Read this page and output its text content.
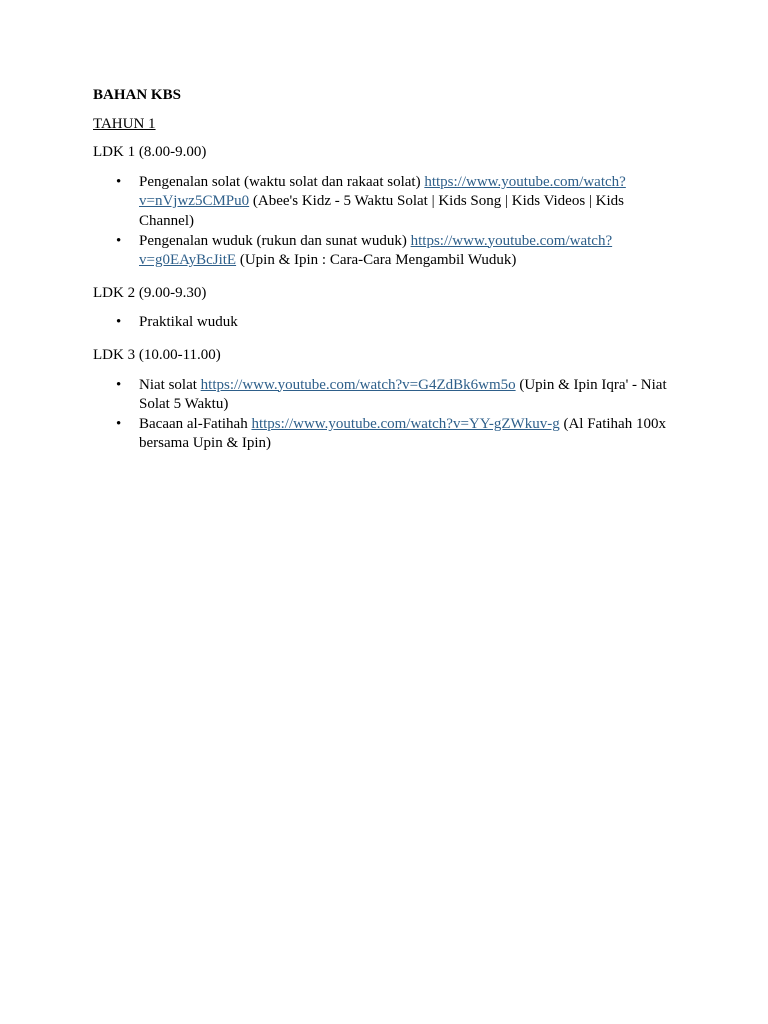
BAHAN KBS
TAHUN 1
LDK 1 (8.00-9.00)
• Pengenalan solat (waktu solat dan rakaat solat) https://www.youtube.com/watch?v=nVjwz5CMPu0 (Abee's Kidz - 5 Waktu Solat | Kids Song | Kids Videos | Kids Channel)
• Pengenalan wuduk (rukun dan sunat wuduk) https://www.youtube.com/watch?v=g0EAyBcJitE (Upin & Ipin : Cara-Cara Mengambil Wuduk)
LDK 2 (9.00-9.30)
• Praktikal wuduk
LDK 3 (10.00-11.00)
• Niat solat https://www.youtube.com/watch?v=G4ZdBk6wm5o (Upin & Ipin Iqra' - Niat Solat 5 Waktu)
• Bacaan al-Fatihah https://www.youtube.com/watch?v=YY-gZWkuv-g (Al Fatihah 100x bersama Upin & Ipin)
